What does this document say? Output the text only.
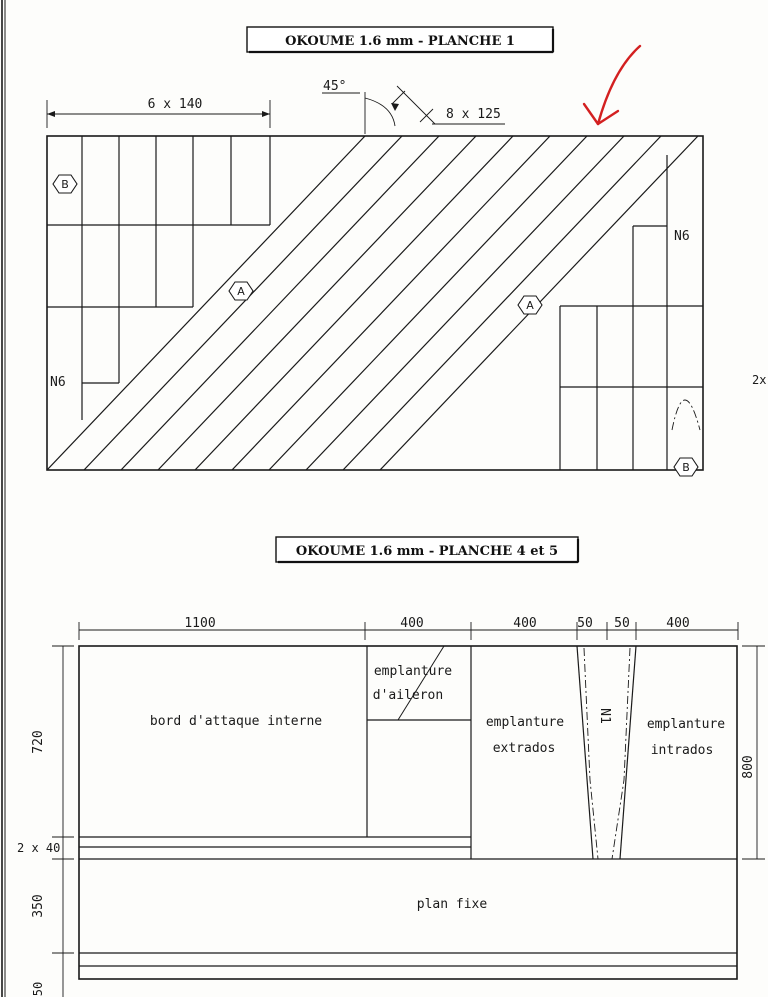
OKOUME 1.6 mm - PLANCHE 1
6 x 140
45°
8 x 125
B
A
A
B
N6
N6
2x
OKOUME 1.6 mm - PLANCHE 4 et 5
1100	400	400	50 50	400
720
2 x 40
350
50
800
bord d'attaque interne
emplanture
d'aileron
emplanture
extrados
N1
emplanture
intrados
plan fixe
